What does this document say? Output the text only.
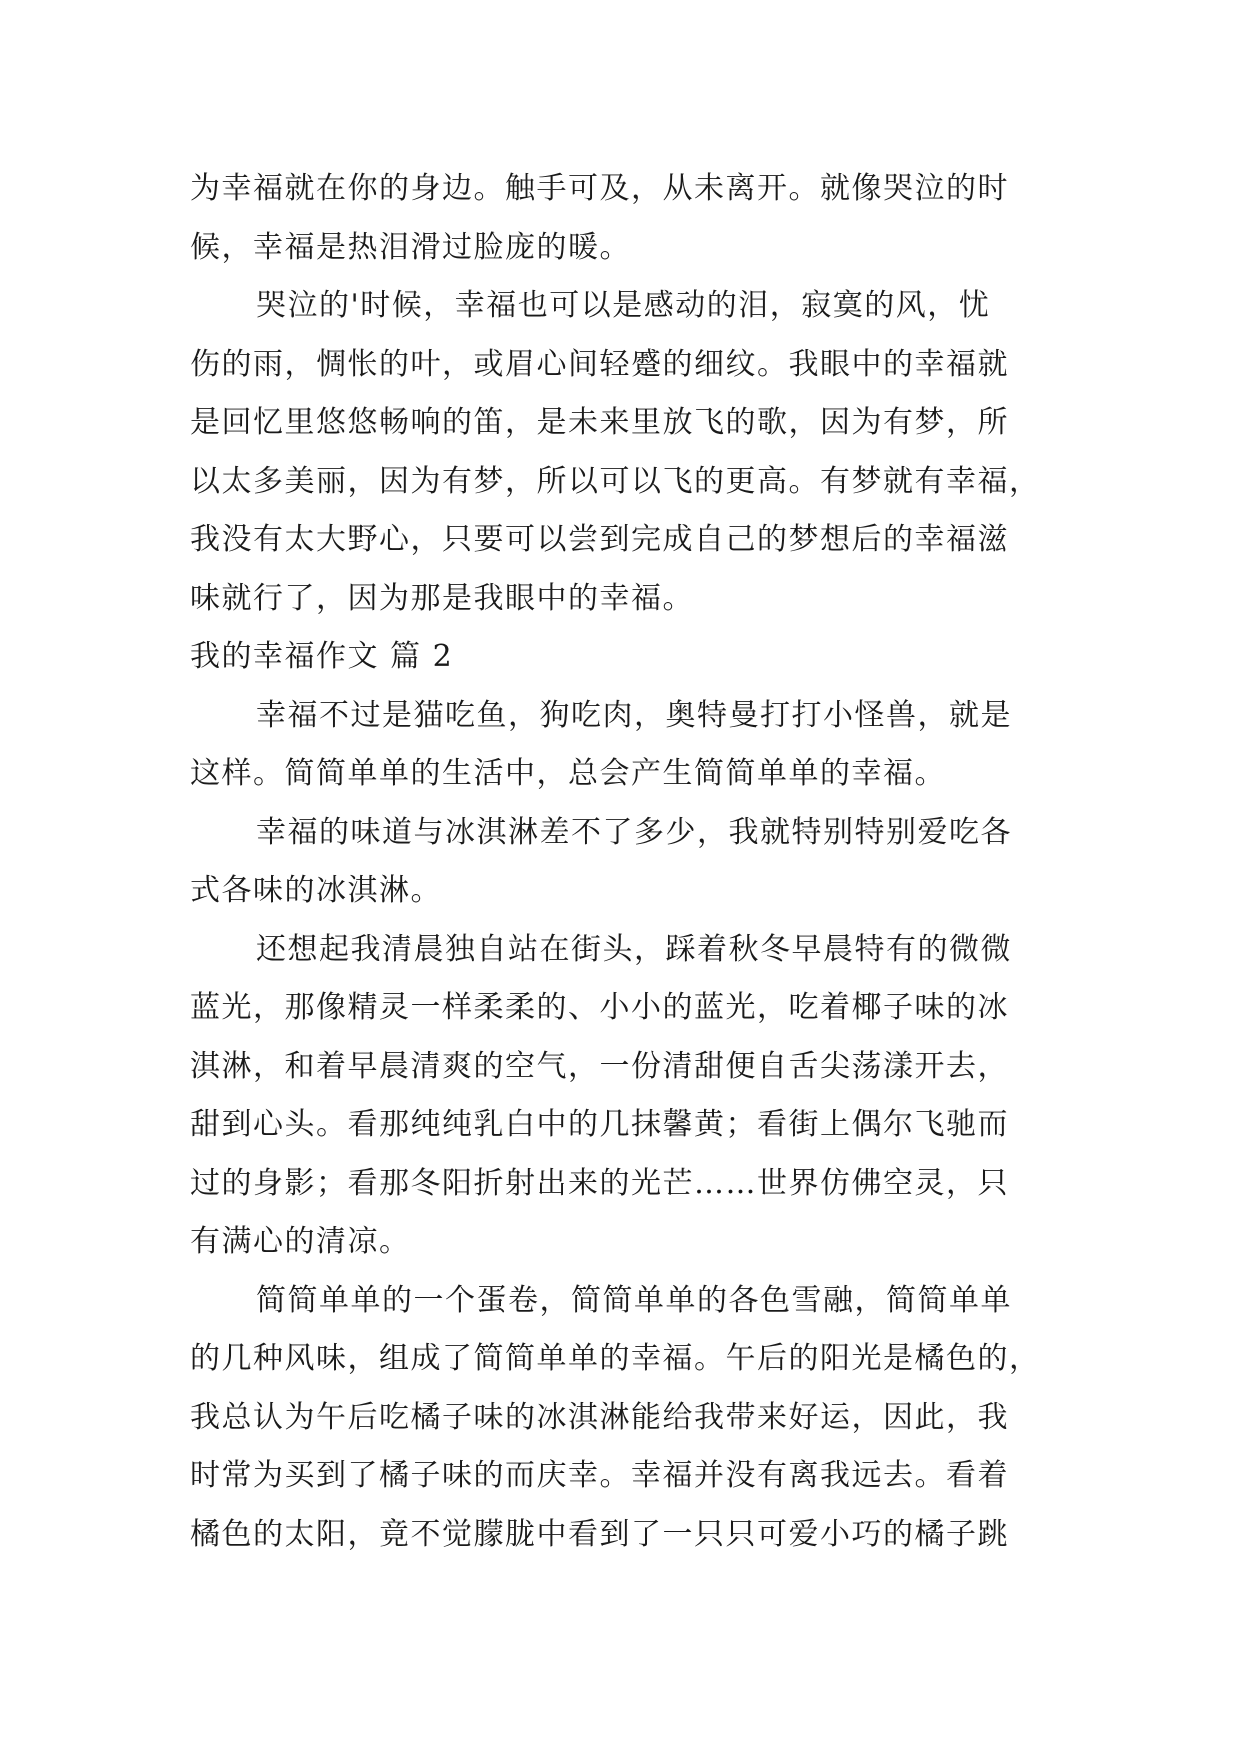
为幸福就在你的身边。触手可及，从未离开。就像哭泣的时
候，幸福是热泪滑过脸庞的暖。
哭泣的'时候，幸福也可以是感动的泪，寂寞的风，忧
伤的雨，惆怅的叶，或眉心间轻蹙的细纹。我眼中的幸福就
是回忆里悠悠畅响的笛，是未来里放飞的歌，因为有梦，所
以太多美丽，因为有梦，所以可以飞的更高。有梦就有幸福，
我没有太大野心，只要可以尝到完成自己的梦想后的幸福滋
味就行了，因为那是我眼中的幸福。
我的幸福作文 篇 2
幸福不过是猫吃鱼，狗吃肉，奥特曼打打小怪兽，就是
这样。简简单单的生活中，总会产生简简单单的幸福。
幸福的味道与冰淇淋差不了多少，我就特别特别爱吃各
式各味的冰淇淋。
还想起我清晨独自站在街头，踩着秋冬早晨特有的微微
蓝光，那像精灵一样柔柔的、小小的蓝光，吃着椰子味的冰
淇淋，和着早晨清爽的空气，一份清甜便自舌尖荡漾开去，
甜到心头。看那纯纯乳白中的几抹馨黄；看街上偶尔飞驰而
过的身影；看那冬阳折射出来的光芒……世界仿佛空灵，只
有满心的清凉。
简简单单的一个蛋卷，简简单单的各色雪融，简简单单
的几种风味，组成了简简单单的幸福。午后的阳光是橘色的，
我总认为午后吃橘子味的冰淇淋能给我带来好运，因此，我
时常为买到了橘子味的而庆幸。幸福并没有离我远去。看着
橘色的太阳，竟不觉朦胧中看到了一只只可爱小巧的橘子跳
